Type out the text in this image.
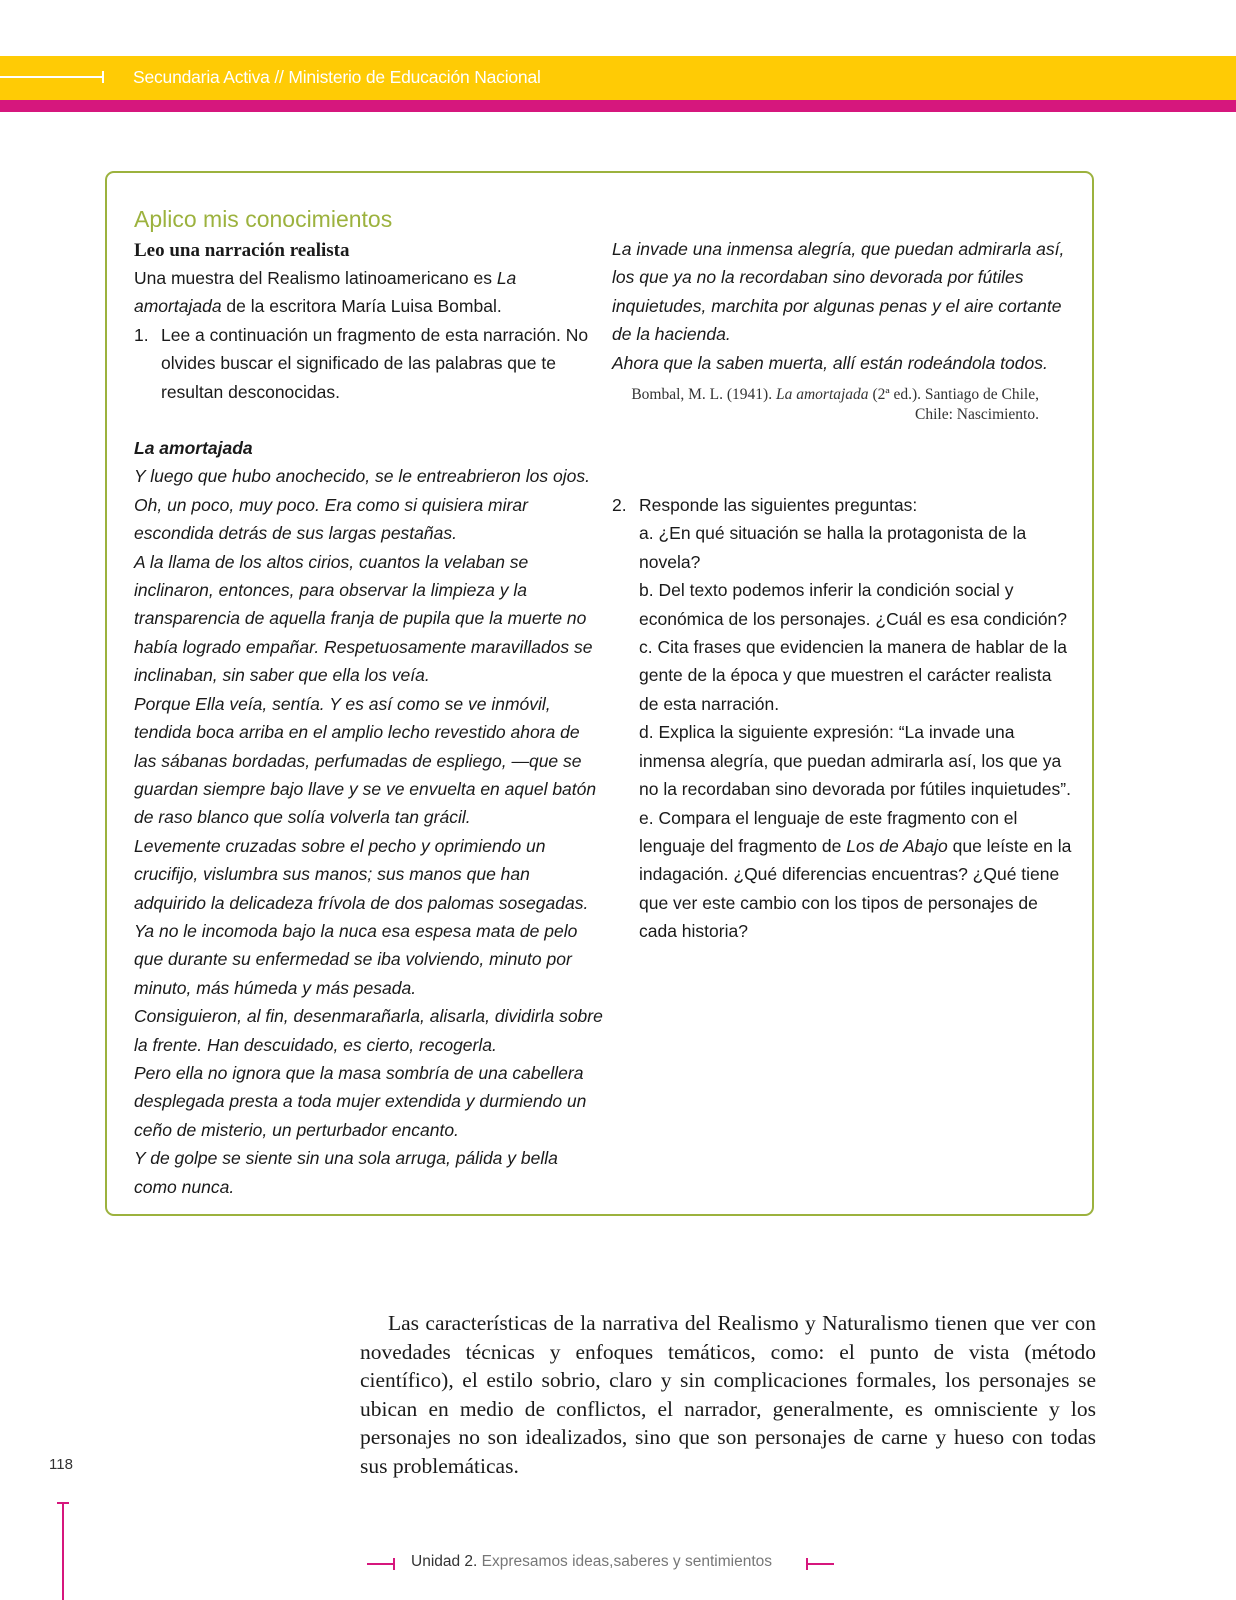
Secundaria Activa // Ministerio de Educación Nacional
Aplico mis conocimientos
Leo una narración realista
Una muestra del Realismo latinoamericano es La amortajada de la escritora María Luisa Bombal.
1. Lee a continuación un fragmento de esta narración. No olvides buscar el significado de las palabras que te resultan desconocidas.
La amortajada
Y luego que hubo anochecido, se le entreabrieron los ojos. Oh, un poco, muy poco. Era como si quisiera mirar escondida detrás de sus largas pestañas.
A la llama de los altos cirios, cuantos la velaban se inclinaron, entonces, para observar la limpieza y la transparencia de aquella franja de pupila que la muerte no había logrado empañar. Respetuosamente maravillados se inclinaban, sin saber que ella los veía.
Porque Ella veía, sentía. Y es así como se ve inmóvil, tendida boca arriba en el amplio lecho revestido ahora de las sábanas bordadas, perfumadas de espliego, —que se guardan siempre bajo llave y se ve envuelta en aquel batón de raso blanco que solía volverla tan grácil.
Levemente cruzadas sobre el pecho y oprimiendo un crucifijo, vislumbra sus manos; sus manos que han adquirido la delicadeza frívola de dos palomas sosegadas.
Ya no le incomoda bajo la nuca esa espesa mata de pelo que durante su enfermedad se iba volviendo, minuto por minuto, más húmeda y más pesada.
Consiguieron, al fin, desenmarañarla, alisarla, dividirla sobre la frente. Han descuidado, es cierto, recogerla.
Pero ella no ignora que la masa sombría de una cabellera desplegada presta a toda mujer extendida y durmiendo un ceño de misterio, un perturbador encanto.
Y de golpe se siente sin una sola arruga, pálida y bella como nunca.
La invade una inmensa alegría, que puedan admirarla así, los que ya no la recordaban sino devorada por fútiles inquietudes, marchita por algunas penas y el aire cortante de la hacienda.
Ahora que la saben muerta, allí están rodeándola todos.
Bombal, M. L. (1941). La amortajada (2ª ed.). Santiago de Chile, Chile: Nascimiento.
2. Responde las siguientes preguntas:
a. ¿En qué situación se halla la protagonista de la novela?
b. Del texto podemos inferir la condición social y económica de los personajes. ¿Cuál es esa condición?
c. Cita frases que evidencien la manera de hablar de la gente de la época y que muestren el carácter realista de esta narración.
d. Explica la siguiente expresión: “La invade una inmensa alegría, que puedan admirarla así, los que ya no la recordaban sino devorada por fútiles inquietudes”.
e. Compara el lenguaje de este fragmento con el lenguaje del fragmento de Los de Abajo que leíste en la indagación. ¿Qué diferencias encuentras? ¿Qué tiene que ver este cambio con los tipos de personajes de cada historia?

Las características de la narrativa del Realismo y Naturalismo tienen que ver con novedades técnicas y enfoques temáticos, como: el punto de vista (método científico), el estilo sobrio, claro y sin complicaciones formales, los personajes se ubican en medio de conflictos, el narrador, generalmente, es omnisciente y los personajes no son idealizados, sino que son personajes de carne y hueso con todas sus problemáticas.

118
Unidad 2. Expresamos ideas,saberes y sentimientos
